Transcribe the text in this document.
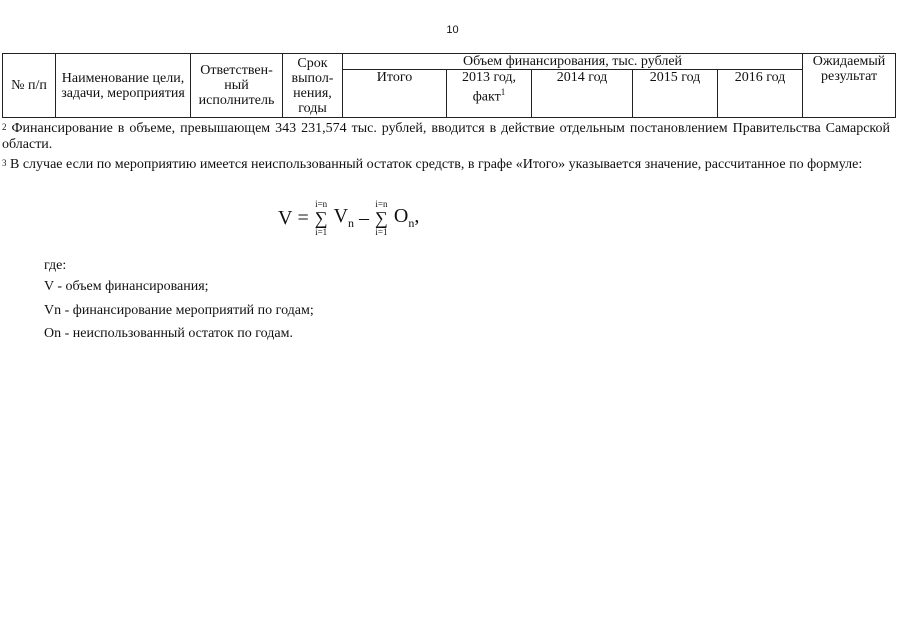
10
№ п/п	Наименование цели, задачи, мероприятия	Ответствен- ный исполнитель	Срок выпол- нения, годы	Объем финансирования, тыс. рублей					Ожидаемый результат
				Итого	2013 год, факт$^1$	2014 год	2015 год	2016 год	
$^2$ Финансирование в объеме, превышающем 343 231,574 тыс. рублей, вводится в действие отдельным постановлением Правительства Самарской области.
$^3$ В случае если по мероприятию имеется неиспользованный остаток средств, в графе «Итого» указывается значение, рассчитанное по формуле:
V =
i=n
∑
i=1
$V_n$ –
i=n
∑
i=1
$O_n$,
где:
V - объем финансирования;
Vn - финансирование мероприятий по годам;
On - неиспользованный остаток по годам.
